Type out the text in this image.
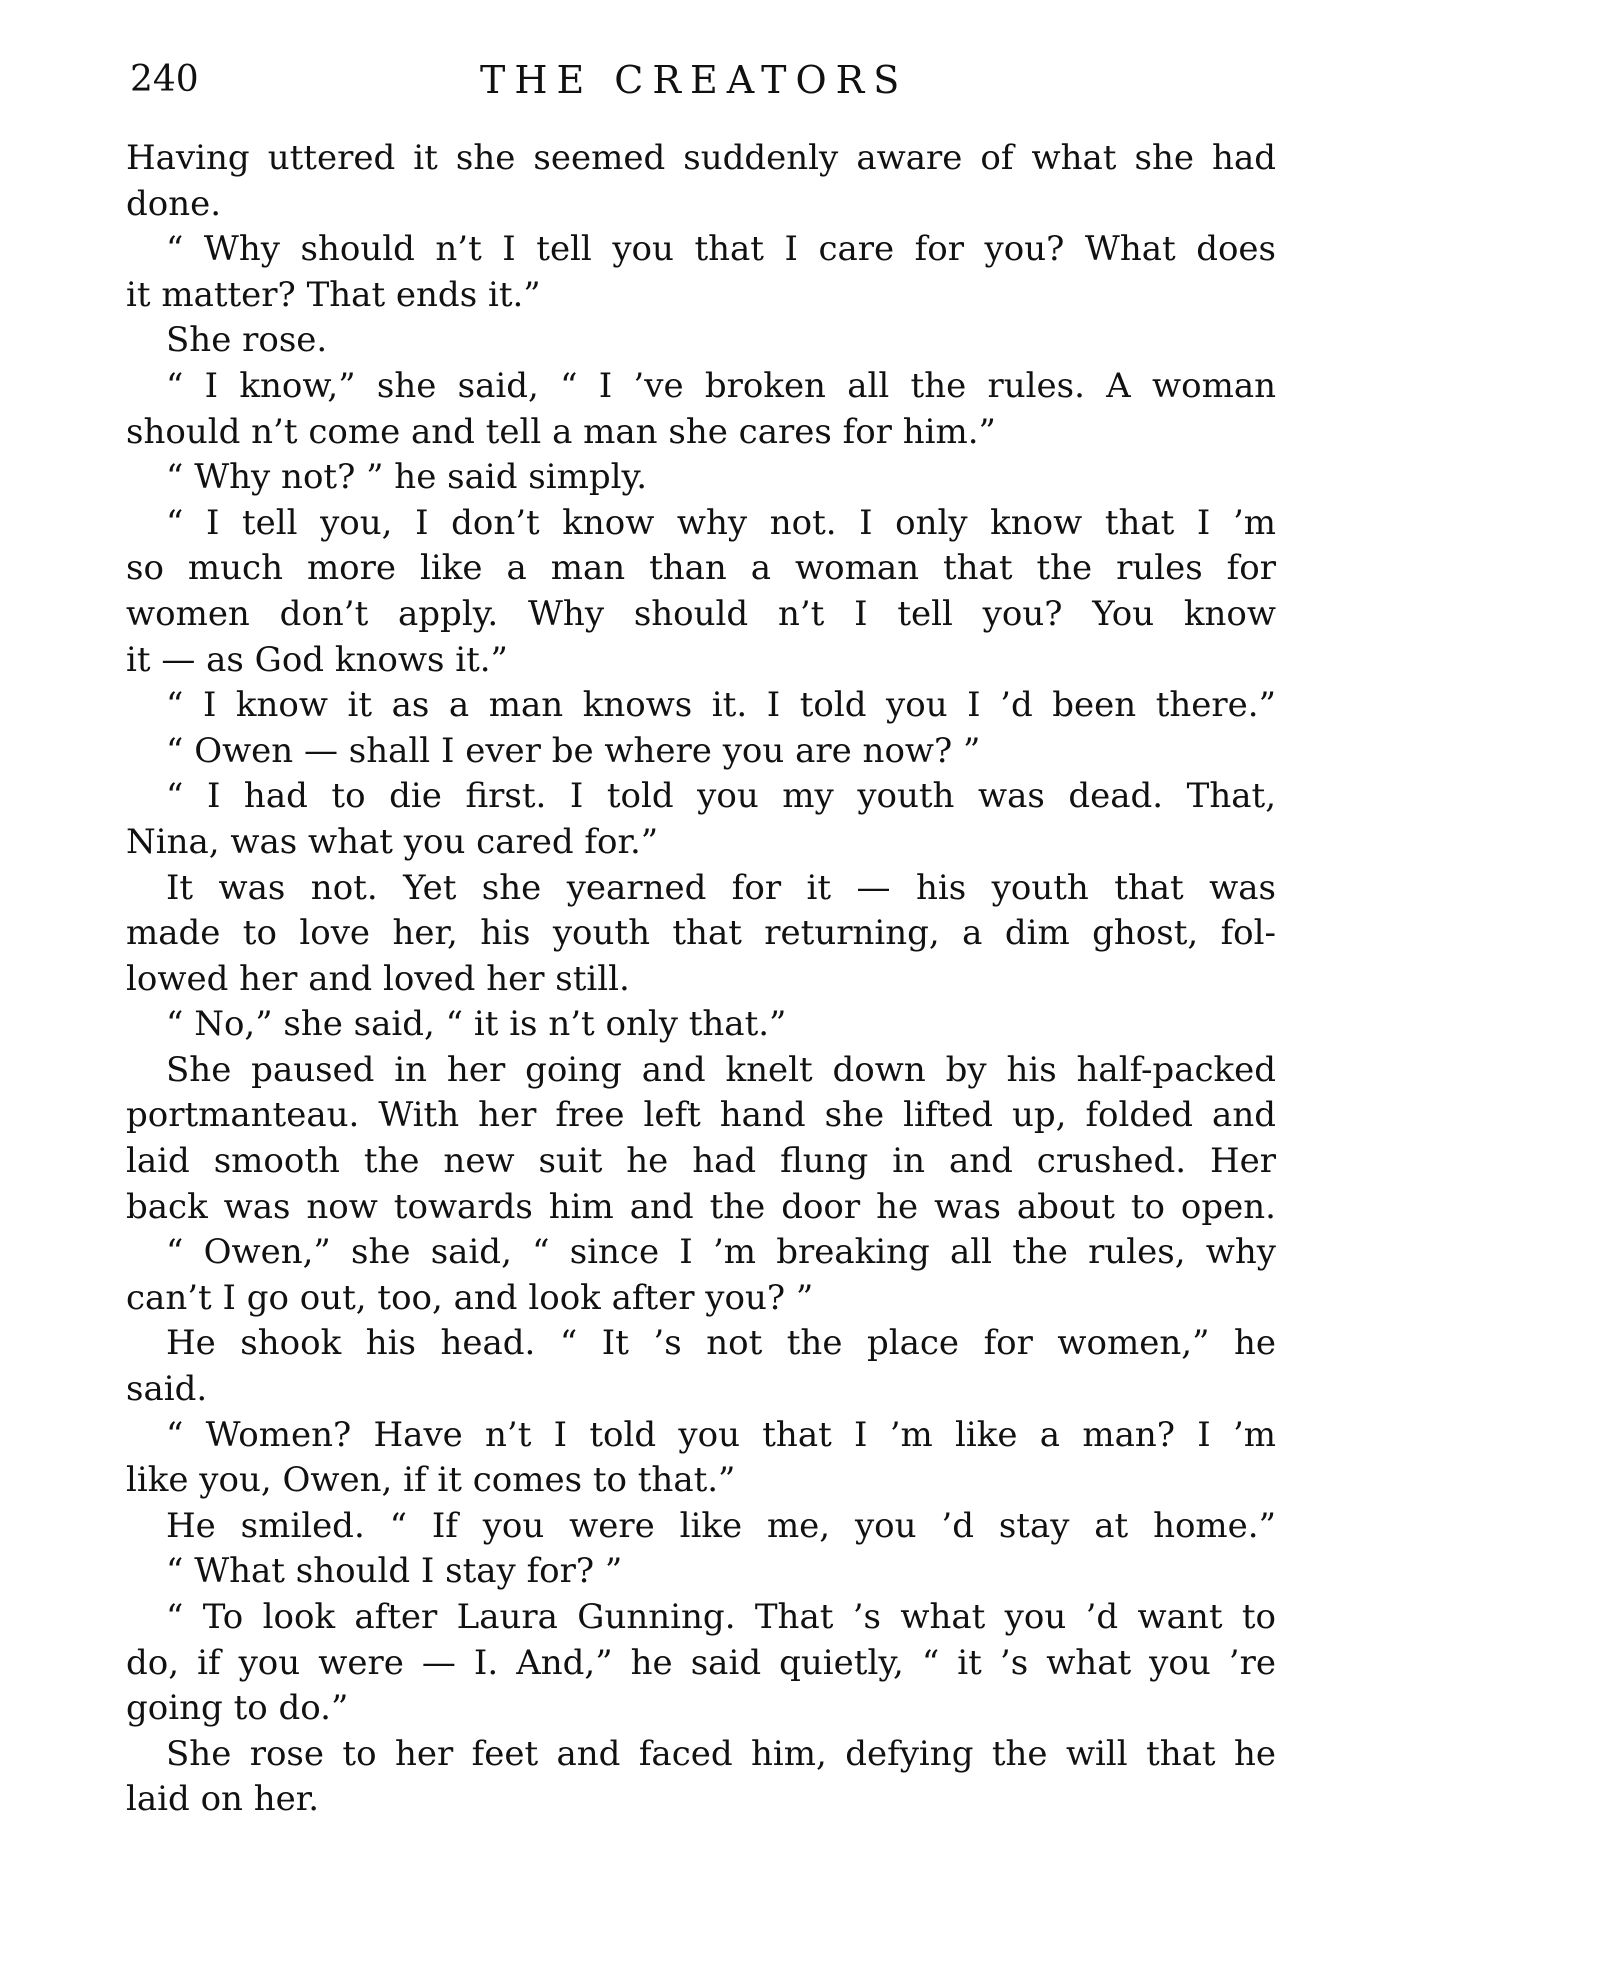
240	THE CREATORS
Having uttered it she seemed suddenly aware of what she had
done.
“ Why should n’t I tell you that I care for you? What does
it matter? That ends it.”
She rose.
“ I know,” she said, “ I ’ve broken all the rules. A woman
should n’t come and tell a man she cares for him.”
“ Why not? ” he said simply.
“ I tell you, I don’t know why not. I only know that I ’m
so much more like a man than a woman that the rules for
women don’t apply. Why should n’t I tell you? You know
it — as God knows it.”
“ I know it as a man knows it. I told you I ’d been there.”
“ Owen — shall I ever be where you are now? ”
“ I had to die first. I told you my youth was dead. That,
Nina, was what you cared for.”
It was not. Yet she yearned for it — his youth that was
made to love her, his youth that returning, a dim ghost, fol-
lowed her and loved her still.
“ No,” she said, “ it is n’t only that.”
She paused in her going and knelt down by his half-packed
portmanteau. With her free left hand she lifted up, folded and
laid smooth the new suit he had flung in and crushed. Her
back was now towards him and the door he was about to open.
“ Owen,” she said, “ since I ’m breaking all the rules, why
can’t I go out, too, and look after you? ”
He shook his head. “ It ’s not the place for women,” he
said.
“ Women? Have n’t I told you that I ’m like a man? I ’m
like you, Owen, if it comes to that.”
He smiled. “ If you were like me, you ’d stay at home.”
“ What should I stay for? ”
“ To look after Laura Gunning. That ’s what you ’d want to
do, if you were — I. And,” he said quietly, “ it ’s what you ’re
going to do.”
She rose to her feet and faced him, defying the will that he
laid on her.
